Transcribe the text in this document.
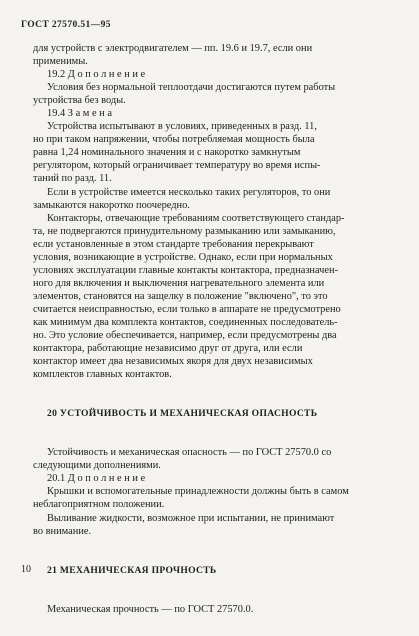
ГОСТ 27570.51—95

для устройств с электродвигателем — пп. 19.6 и 19.7, если они

применимы.

19.2 Дополнение

Условия без нормальной теплоотдачи достигаются путем работы

устройства без воды.

19.4 Замена

Устройства испытывают в условиях, приведенных в разд. 11,

но при таком напряжении, чтобы потребляемая мощность была

равна 1,24 номинального значения и с накоротко замкнутым

регулятором, который ограничивает температуру во время испы-

таний по разд. 11.

Если в устройстве имеется несколько таких регуляторов, то они

замыкаются накоротко поочередно.

Контакторы, отвечающие требованиям соответствующего стандар-

та, не подвергаются принудительному размыканию или замыканию,

если установленные в этом стандарте требования перекрывают

условия, возникающие в устройстве. Однако, если при нормальных

условиях эксплуатации главные контакты контактора, предназначен-

ного для включения и выключения нагревательного элемента или

элементов, становятся на защелку в положение "включено", то это

считается неисправностью, если только в аппарате не предусмотрено

как минимум два комплекта контактов, соединенных последователь-

но. Это условие обеспечивается, например, если предусмотрены два

контактора, работающие независимо друг от друга, или если

контактор имеет два независимых якоря для двух независимых

комплектов главных контактов.

20 УСТОЙЧИВОСТЬ И МЕХАНИЧЕСКАЯ ОПАСНОСТЬ

Устойчивость и механическая опасность — по ГОСТ 27570.0 со

следующими дополнениями.

20.1 Дополнение

Крышки и вспомогательные принадлежности должны быть в самом

неблагоприятном положении.

Выливание жидкости, возможное при испытании, не принимают

во внимание.

21 МЕХАНИЧЕСКАЯ ПРОЧНОСТЬ

Механическая прочность — по ГОСТ 27570.0.

10
